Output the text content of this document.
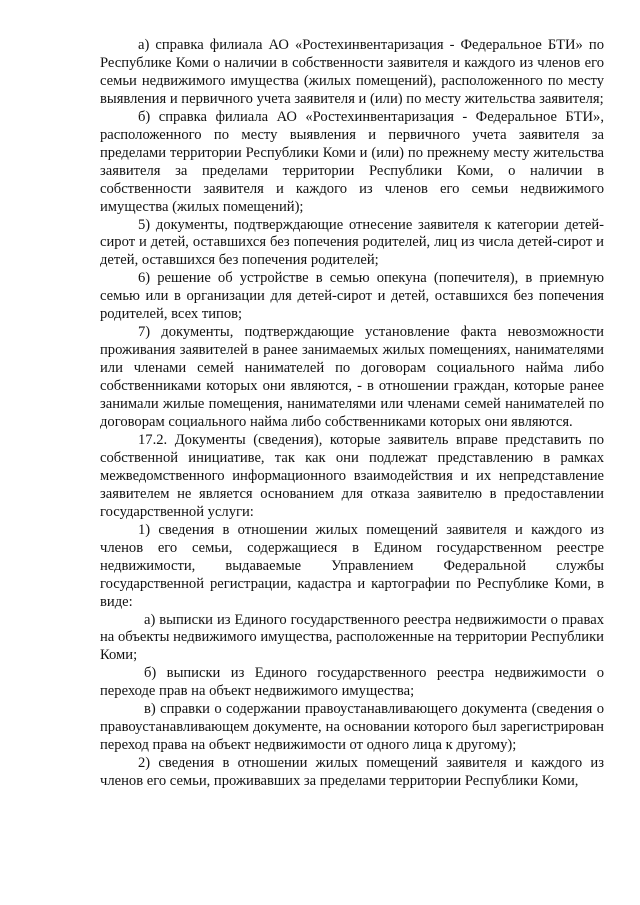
а) справка филиала АО «Ростехинвентаризация - Федеральное БТИ» по Республике Коми о наличии в собственности заявителя и каждого из членов его семьи недвижимого имущества (жилых помещений), расположенного по месту выявления и первичного учета заявителя и (или) по месту жительства заявителя;

б) справка филиала АО «Ростехинвентаризация - Федеральное БТИ», расположенного по месту выявления и первичного учета заявителя за пределами территории Республики Коми и (или) по прежнему месту жительства заявителя за пределами территории Республики Коми, о наличии в собственности заявителя и каждого из членов его семьи недвижимого имущества (жилых помещений);

5) документы, подтверждающие отнесение заявителя к категории детей-сирот и детей, оставшихся без попечения родителей, лиц из числа детей-сирот и детей, оставшихся без попечения родителей;

6) решение об устройстве в семью опекуна (попечителя), в приемную семью или в организации для детей-сирот и детей, оставшихся без попечения родителей, всех типов;

7) документы, подтверждающие установление факта невозможности проживания заявителей в ранее занимаемых жилых помещениях, нанимателями или членами семей нанимателей по договорам социального найма либо собственниками которых они являются, - в отношении граждан, которые ранее занимали жилые помещения, нанимателями или членами семей нанимателей по договорам социального найма либо собственниками которых они являются.

17.2. Документы (сведения), которые заявитель вправе представить по собственной инициативе, так как они подлежат представлению в рамках межведомственного информационного взаимодействия и их непредставление заявителем не является основанием для отказа заявителю в предоставлении государственной услуги:

1) сведения в отношении жилых помещений заявителя и каждого из членов его семьи, содержащиеся в Едином государственном реестре недвижимости, выдаваемые Управлением Федеральной службы государственной регистрации, кадастра и картографии по Республике Коми, в виде:

а) выписки из Единого государственного реестра недвижимости о правах на объекты недвижимого имущества, расположенные на территории Республики Коми;

б) выписки из Единого государственного реестра недвижимости о переходе прав на объект недвижимого имущества;

в) справки о содержании правоустанавливающего документа (сведения о правоустанавливающем документе, на основании которого был зарегистрирован переход права на объект недвижимости от одного лица к другому);

2) сведения в отношении жилых помещений заявителя и каждого из членов его семьи, проживавших за пределами территории Республики Коми,
